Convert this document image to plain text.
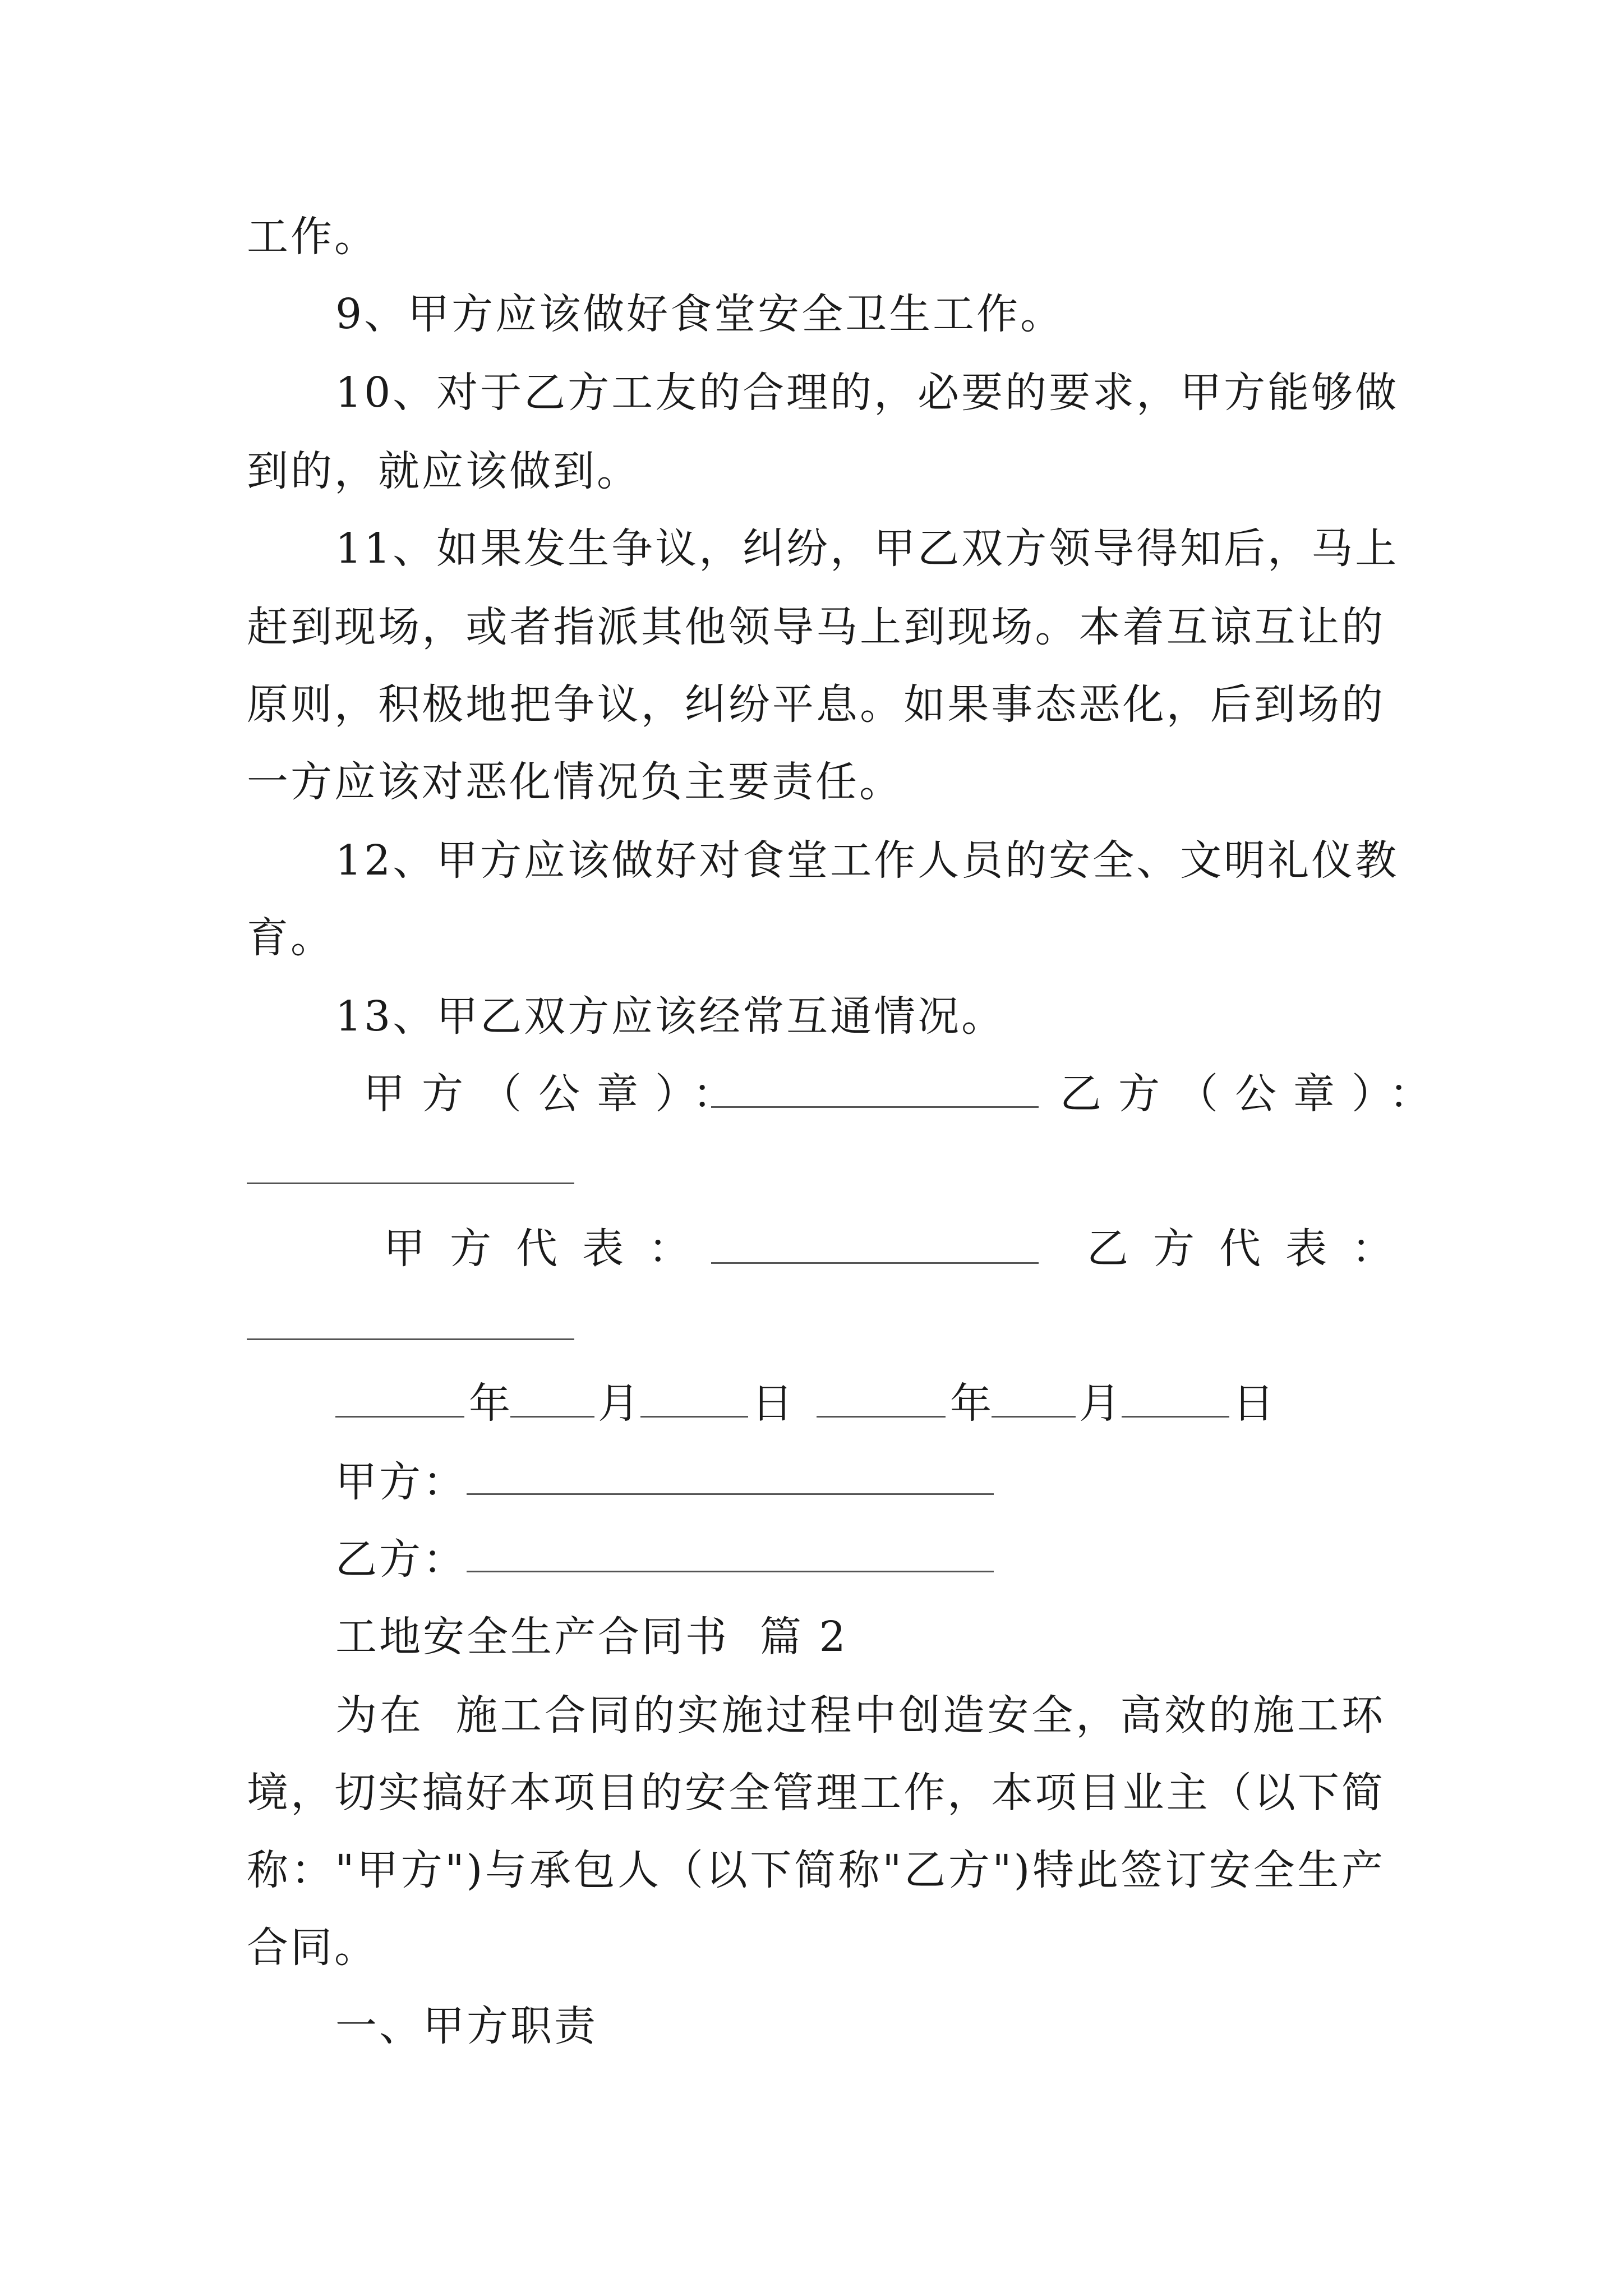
工作。
9、甲方应该做好食堂安全卫生工作。
10、对于乙方工友的合理的，必要的要求，甲方能够做
到的，就应该做到。
11、如果发生争议，纠纷，甲乙双方领导得知后，马上
赶到现场，或者指派其他领导马上到现场。本着互谅互让的
原则，积极地把争议，纠纷平息。如果事态恶化，后到场的
一方应该对恶化情况负主要责任。
12、甲方应该做好对食堂工作人员的安全、文明礼仪教
育。
13、甲乙双方应该经常互通情况。
甲方（公章）：	乙方（公章）：
甲方代表：	乙方代表：
年 月	日	年 月	日
甲方：
乙方：
工地安全生产合同书  篇 2
为在  施工合同的实施过程中创造安全，高效的施工环
境，切实搞好本项目的安全管理工作，本项目业主（以下简
称："甲方")与承包人（以下简称"乙方")特此签订安全生产
合同。
一、甲方职责
